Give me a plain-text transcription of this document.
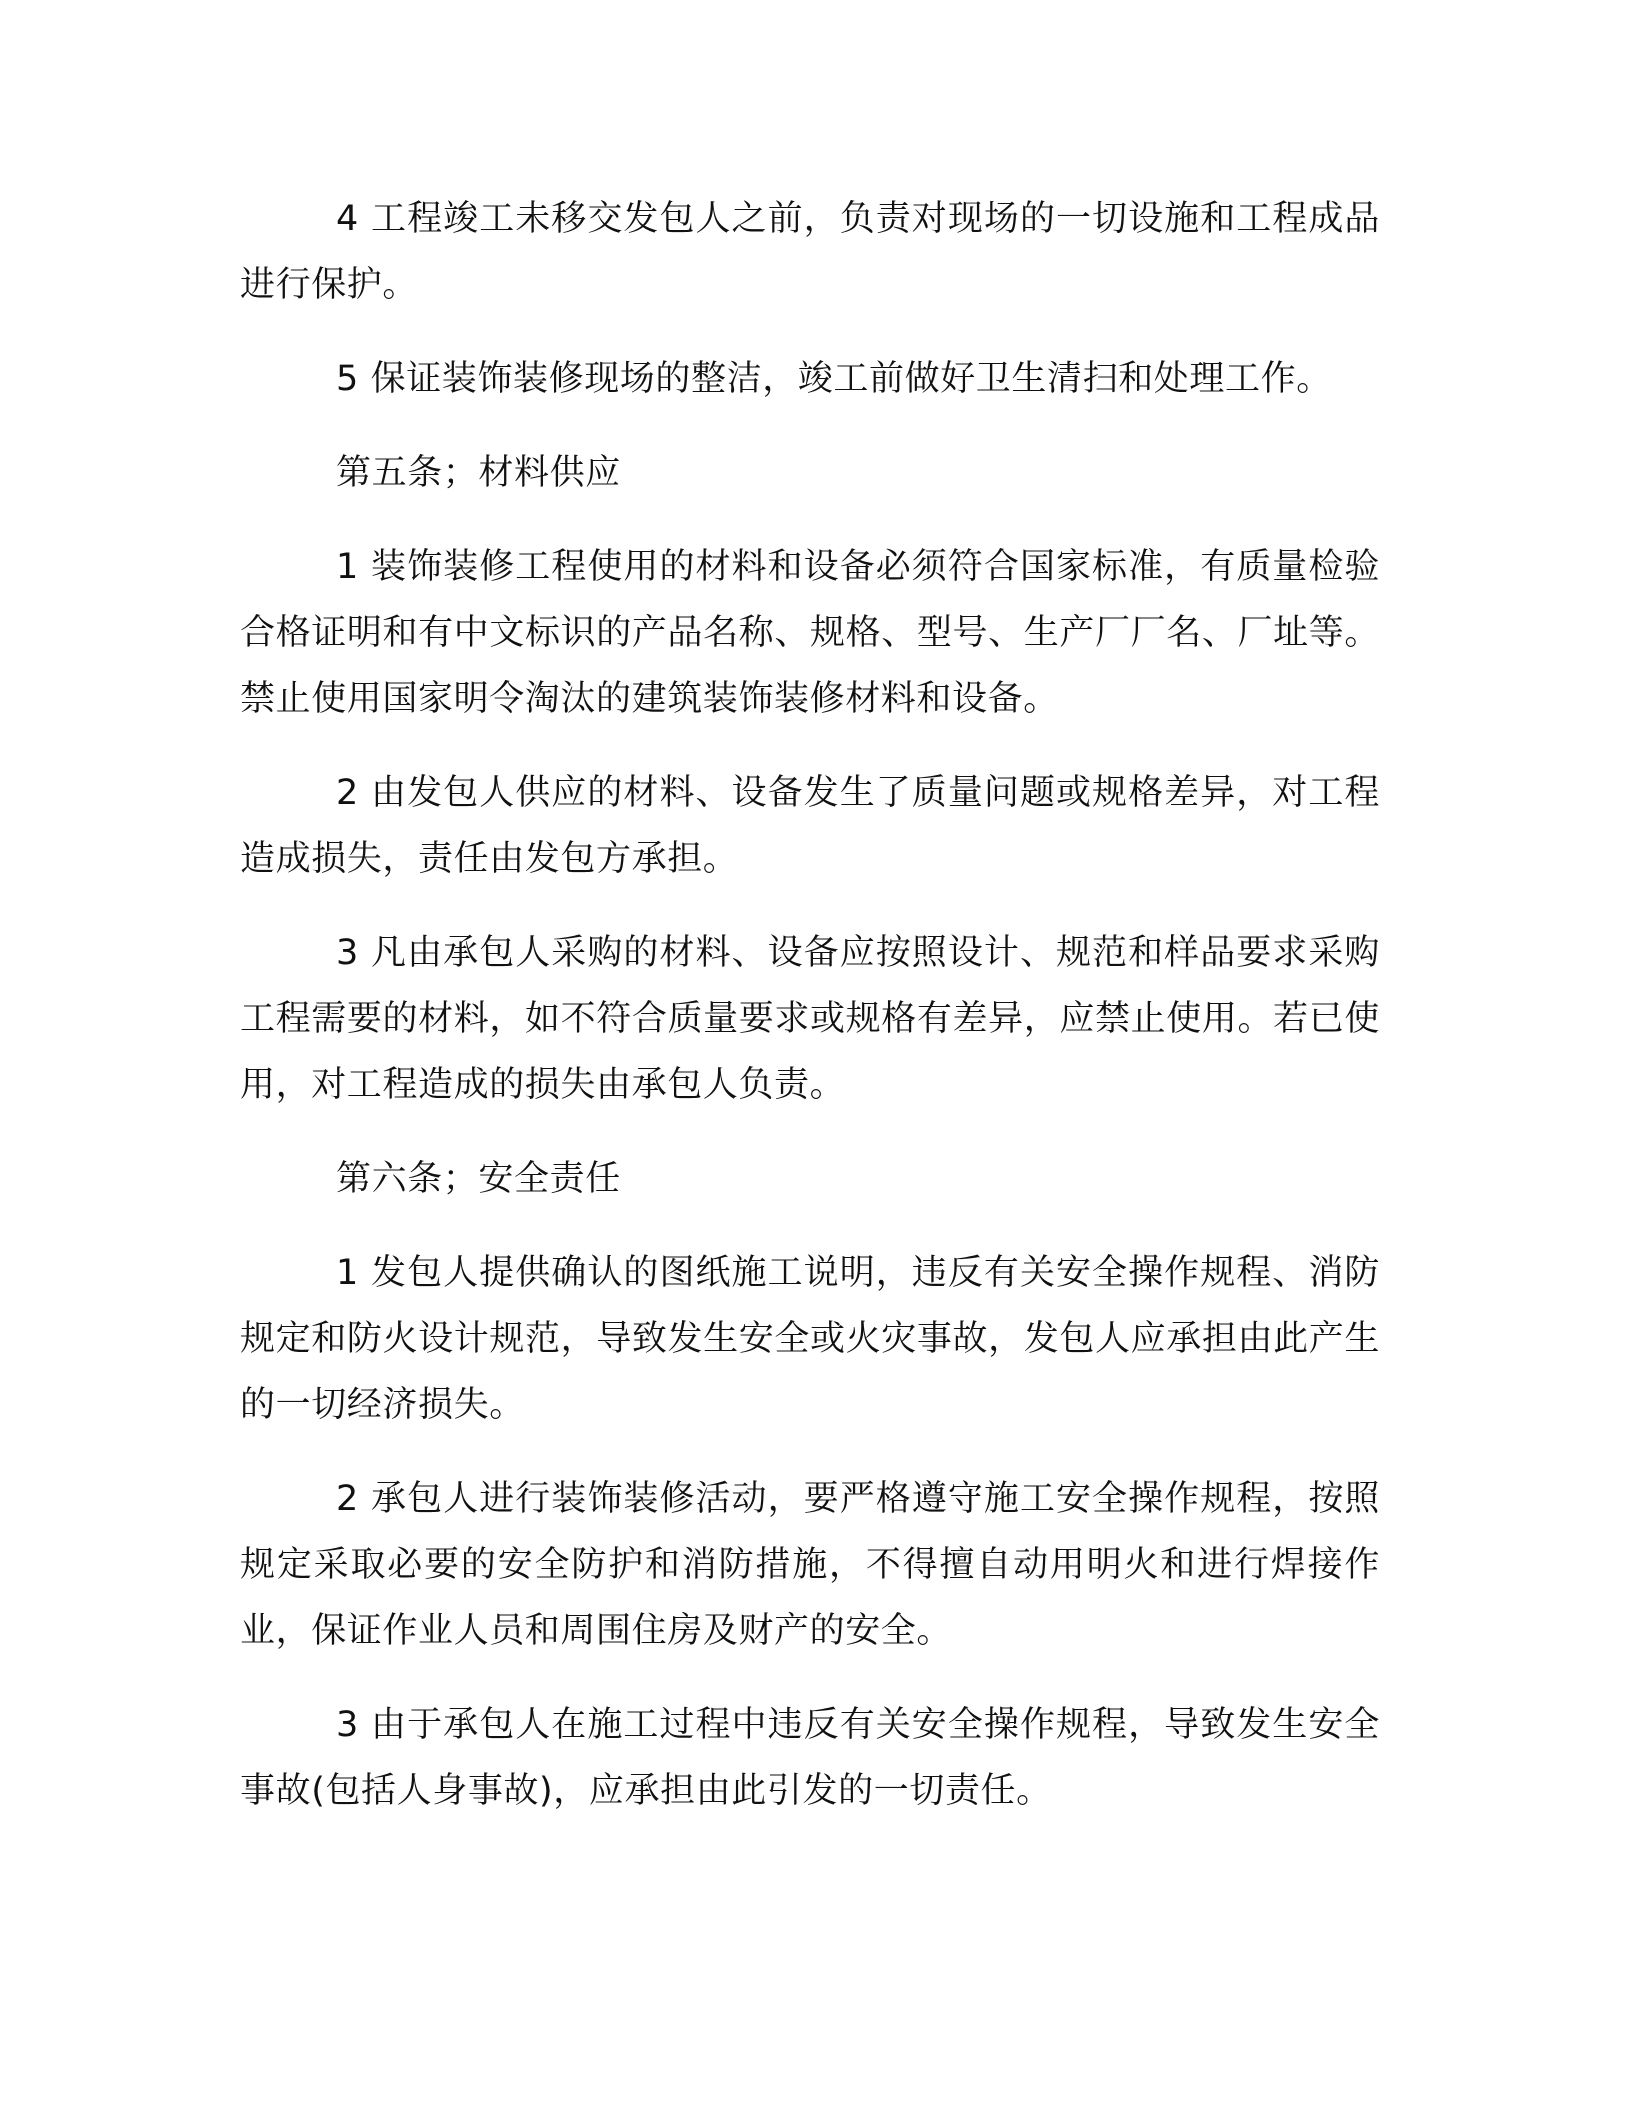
4 工程竣工未移交发包人之前，负责对现场的一切设施和工程成品进行保护。

5 保证装饰装修现场的整洁，竣工前做好卫生清扫和处理工作。

第五条；材料供应

1 装饰装修工程使用的材料和设备必须符合国家标准，有质量检验合格证明和有中文标识的产品名称、规格、型号、生产厂厂名、厂址等。禁止使用国家明令淘汰的建筑装饰装修材料和设备。

2 由发包人供应的材料、设备发生了质量问题或规格差异，对工程造成损失，责任由发包方承担。

3 凡由承包人采购的材料、设备应按照设计、规范和样品要求采购工程需要的材料，如不符合质量要求或规格有差异，应禁止使用。若已使用，对工程造成的损失由承包人负责。

第六条；安全责任

1 发包人提供确认的图纸施工说明，违反有关安全操作规程、消防规定和防火设计规范，导致发生安全或火灾事故，发包人应承担由此产生的一切经济损失。

2 承包人进行装饰装修活动，要严格遵守施工安全操作规程，按照规定采取必要的安全防护和消防措施，不得擅自动用明火和进行焊接作业，保证作业人员和周围住房及财产的安全。

3 由于承包人在施工过程中违反有关安全操作规程，导致发生安全事故(包括人身事故)，应承担由此引发的一切责任。
